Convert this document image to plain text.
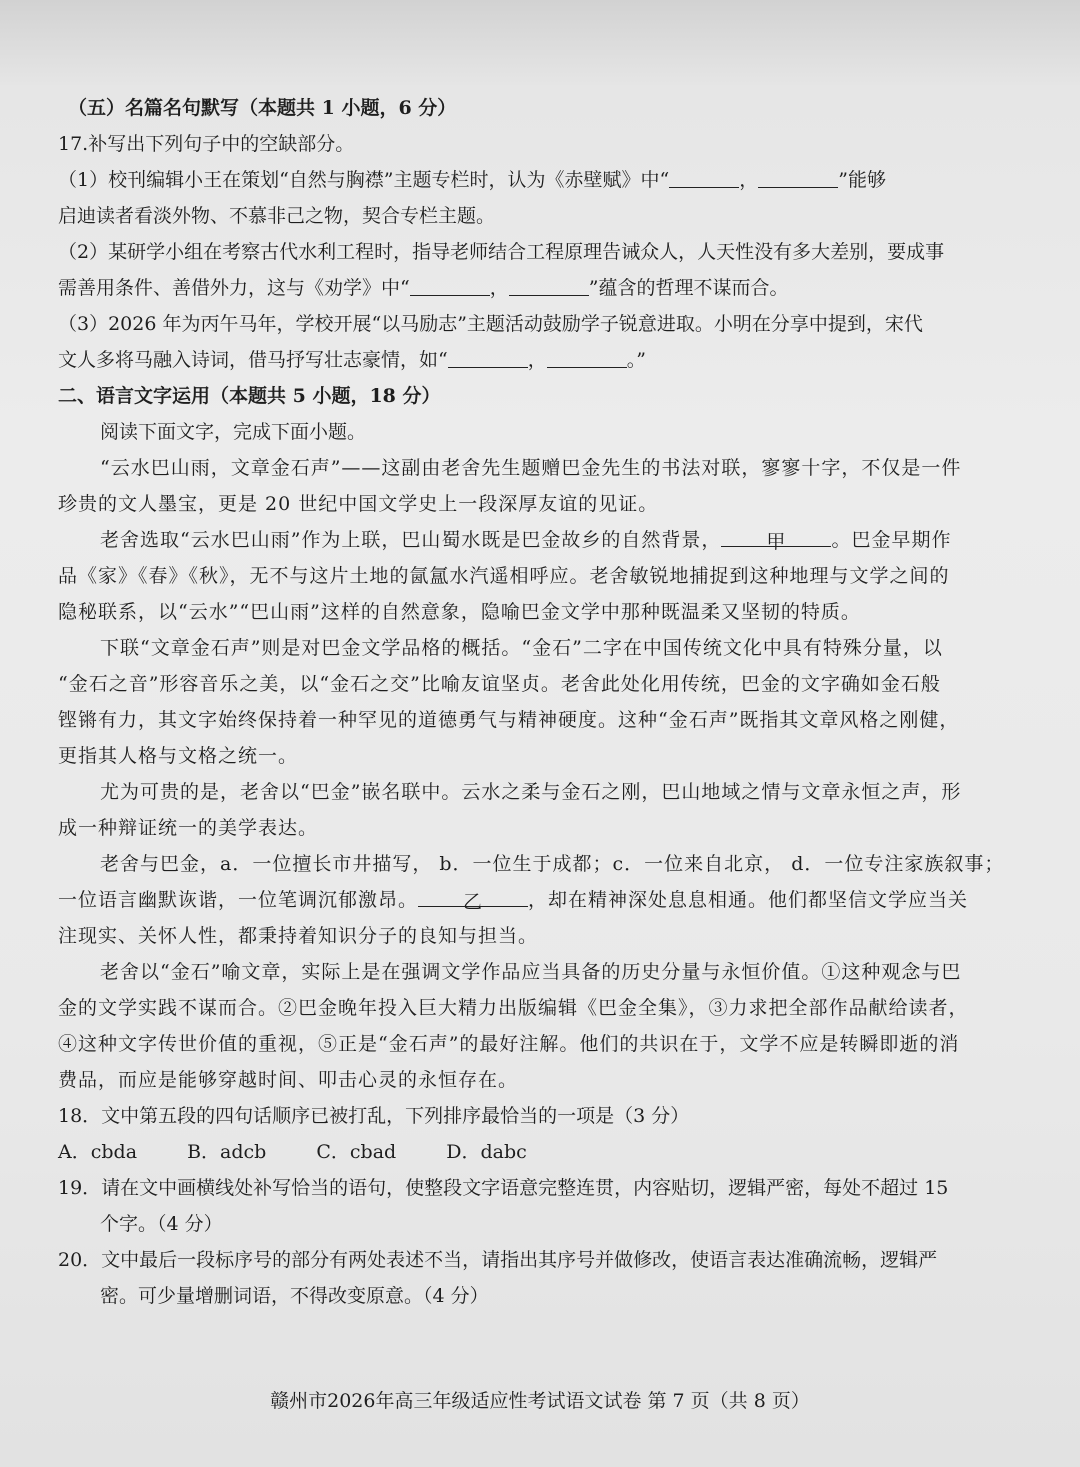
（五）名篇名句默写（本题共 1 小题，6 分）
17.补写出下列句子中的空缺部分。
（1）校刊编辑小王在策划“自然与胸襟”主题专栏时，认为《赤壁赋》中“	，	”能够
启迪读者看淡外物、不慕非己之物，契合专栏主题。
（2）某研学小组在考察古代水利工程时，指导老师结合工程原理告诫众人，人天性没有多大差别，要成事
需善用条件、善借外力，这与《劝学》中“	，	”蕴含的哲理不谋而合。
（3）2026 年为丙午马年，学校开展“以马励志”主题活动鼓励学子锐意进取。小明在分享中提到，宋代
文人多将马融入诗词，借马抒写壮志豪情，如“	，	。”
二、语言文字运用（本题共 5 小题，18 分）
阅读下面文字，完成下面小题。
“云水巴山雨，文章金石声”——这副由老舍先生题赠巴金先生的书法对联，寥寥十字，不仅是一件
珍贵的文人墨宝，更是 20 世纪中国文学史上一段深厚友谊的见证。
老舍选取“云水巴山雨”作为上联，巴山蜀水既是巴金故乡的自然背景， 甲 。巴金早期作
品《家》《春》《秋》，无不与这片土地的氤氲水汽遥相呼应。老舍敏锐地捕捉到这种地理与文学之间的
隐秘联系，以“云水”“巴山雨”这样的自然意象，隐喻巴金文学中那种既温柔又坚韧的特质。
下联“文章金石声”则是对巴金文学品格的概括。“金石”二字在中国传统文化中具有特殊分量，以
“金石之音”形容音乐之美，以“金石之交”比喻友谊坚贞。老舍此处化用传统，巴金的文字确如金石般
铿锵有力，其文字始终保持着一种罕见的道德勇气与精神硬度。这种“金石声”既指其文章风格之刚健，
更指其人格与文格之统一。
尤为可贵的是，老舍以“巴金”嵌名联中。云水之柔与金石之刚，巴山地域之情与文章永恒之声，形
成一种辩证统一的美学表达。
老舍与巴金，a．一位擅长市井描写， b．一位生于成都；c．一位来自北京， d．一位专注家族叙事；
一位语言幽默诙谐，一位笔调沉郁激昂。 乙 ，却在精神深处息息相通。他们都坚信文学应当关
注现实、关怀人性，都秉持着知识分子的良知与担当。
老舍以“金石”喻文章，实际上是在强调文学作品应当具备的历史分量与永恒价值。①这种观念与巴
金的文学实践不谋而合。②巴金晚年投入巨大精力出版编辑《巴金全集》，③力求把全部作品献给读者，
④这种文字传世价值的重视，⑤正是“金石声”的最好注解。他们的共识在于，文学不应是转瞬即逝的消
费品，而应是能够穿越时间、叩击心灵的永恒存在。
18．文中第五段的四句话顺序已被打乱，下列排序最恰当的一项是（3 分）
A．cbda	B．adcb	C．cbad	D．dabc
19．请在文中画横线处补写恰当的语句，使整段文字语意完整连贯，内容贴切，逻辑严密，每处不超过 15
个字。（4 分）
20．文中最后一段标序号的部分有两处表述不当，请指出其序号并做修改，使语言表达准确流畅，逻辑严
密。可少量增删词语，不得改变原意。（4 分）
赣州市2026年高三年级适应性考试语文试卷 第 7 页（共 8 页）
